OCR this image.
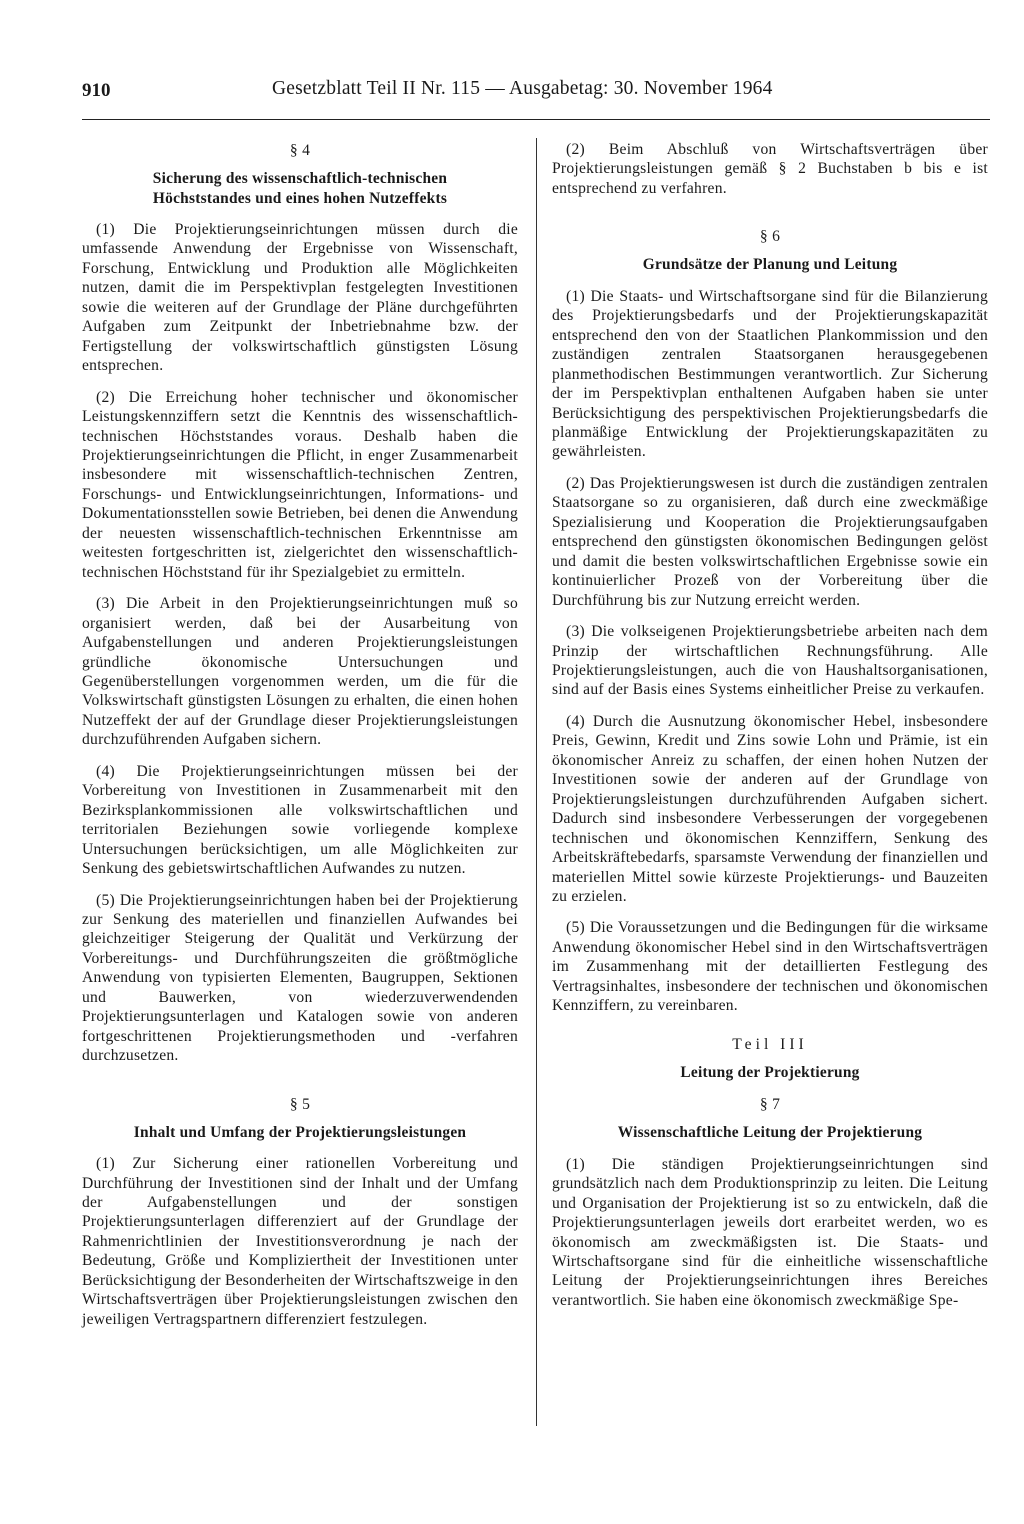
910	Gesetzblatt Teil II Nr. 115 — Ausgabetag: 30. November 1964
§ 4
Sicherung des wissenschaftlich-technischen
Höchststandes und eines hohen Nutzeffekts

(1) Die Projektierungseinrichtungen müssen durch die umfassende Anwendung der Ergebnisse von Wissenschaft, Forschung, Entwicklung und Produktion alle Möglichkeiten nutzen, damit die im Perspektivplan festgelegten Investitionen sowie die weiteren auf der Grundlage der Pläne durchgeführten Aufgaben zum Zeitpunkt der Inbetriebnahme bzw. der Fertigstellung der volkswirtschaftlich günstigsten Lösung entsprechen.

(2) Die Erreichung hoher technischer und ökonomischer Leistungskennziffern setzt die Kenntnis des wissenschaftlich-technischen Höchststandes voraus. Deshalb haben die Projektierungseinrichtungen die Pflicht, in enger Zusammenarbeit insbesondere mit wissenschaftlich-technischen Zentren, Forschungs- und Entwicklungseinrichtungen, Informations- und Dokumentationsstellen sowie Betrieben, bei denen die Anwendung der neuesten wissenschaftlich-technischen Erkenntnisse am weitesten fortgeschritten ist, zielgerichtet den wissenschaftlich-technischen Höchststand für ihr Spezialgebiet zu ermitteln.

(3) Die Arbeit in den Projektierungseinrichtungen muß so organisiert werden, daß bei der Ausarbeitung von Aufgabenstellungen und anderen Projektierungsleistungen gründliche ökonomische Untersuchungen und Gegenüberstellungen vorgenommen werden, um die für die Volkswirtschaft günstigsten Lösungen zu erhalten, die einen hohen Nutzeffekt der auf der Grundlage dieser Projektierungsleistungen durchzuführenden Aufgaben sichern.

(4) Die Projektierungseinrichtungen müssen bei der Vorbereitung von Investitionen in Zusammenarbeit mit den Bezirksplankommissionen alle volkswirtschaftlichen und territorialen Beziehungen sowie vorliegende komplexe Untersuchungen berücksichtigen, um alle Möglichkeiten zur Senkung des gebietswirtschaftlichen Aufwandes zu nutzen.

(5) Die Projektierungseinrichtungen haben bei der Projektierung zur Senkung des materiellen und finanziellen Aufwandes bei gleichzeitiger Steigerung der Qualität und Verkürzung der Vorbereitungs- und Durchführungszeiten die größtmögliche Anwendung von typisierten Elementen, Baugruppen, Sektionen und Bauwerken, von wiederzuverwendenden Projektierungsunterlagen und Katalogen sowie von anderen fortgeschrittenen Projektierungsmethoden und -verfahren durchzusetzen.

§ 5
Inhalt und Umfang der Projektierungsleistungen

(1) Zur Sicherung einer rationellen Vorbereitung und Durchführung der Investitionen sind der Inhalt und der Umfang der Aufgabenstellungen und der sonstigen Projektierungsunterlagen differenziert auf der Grundlage der Rahmenrichtlinien der Investitionsverordnung je nach der Bedeutung, Größe und Kompliziertheit der Investitionen unter Berücksichtigung der Besonderheiten der Wirtschaftszweige in den Wirtschaftsverträgen über Projektierungsleistungen zwischen den jeweiligen Vertragspartnern differenziert festzulegen.

(2) Beim Abschluß von Wirtschaftsverträgen über Projektierungsleistungen gemäß § 2 Buchstaben b bis e ist entsprechend zu verfahren.

§ 6
Grundsätze der Planung und Leitung

(1) Die Staats- und Wirtschaftsorgane sind für die Bilanzierung des Projektierungsbedarfs und der Projektierungskapazität entsprechend den von der Staatlichen Plankommission und den zuständigen zentralen Staatsorganen herausgegebenen planmethodischen Bestimmungen verantwortlich. Zur Sicherung der im Perspektivplan enthaltenen Aufgaben haben sie unter Berücksichtigung des perspektivischen Projektierungsbedarfs die planmäßige Entwicklung der Projektierungskapazitäten zu gewährleisten.

(2) Das Projektierungswesen ist durch die zuständigen zentralen Staatsorgane so zu organisieren, daß durch eine zweckmäßige Spezialisierung und Kooperation die Projektierungsaufgaben entsprechend den günstigsten ökonomischen Bedingungen gelöst und damit die besten volkswirtschaftlichen Ergebnisse sowie ein kontinuierlicher Prozeß von der Vorbereitung über die Durchführung bis zur Nutzung erreicht werden.

(3) Die volkseigenen Projektierungsbetriebe arbeiten nach dem Prinzip der wirtschaftlichen Rechnungsführung. Alle Projektierungsleistungen, auch die von Haushaltsorganisationen, sind auf der Basis eines Systems einheitlicher Preise zu verkaufen.

(4) Durch die Ausnutzung ökonomischer Hebel, insbesondere Preis, Gewinn, Kredit und Zins sowie Lohn und Prämie, ist ein ökonomischer Anreiz zu schaffen, der einen hohen Nutzen der Investitionen sowie der anderen auf der Grundlage von Projektierungsleistungen durchzuführenden Aufgaben sichert. Dadurch sind insbesondere Verbesserungen der vorgegebenen technischen und ökonomischen Kennziffern, Senkung des Arbeitskräftebedarfs, sparsamste Verwendung der finanziellen und materiellen Mittel sowie kürzeste Projektierungs- und Bauzeiten zu erzielen.

(5) Die Voraussetzungen und die Bedingungen für die wirksame Anwendung ökonomischer Hebel sind in den Wirtschaftsverträgen im Zusammenhang mit der detaillierten Festlegung des Vertragsinhaltes, insbesondere der technischen und ökonomischen Kennziffern, zu vereinbaren.

Teil III
Leitung der Projektierung
§ 7
Wissenschaftliche Leitung der Projektierung

(1) Die ständigen Projektierungseinrichtungen sind grundsätzlich nach dem Produktionsprinzip zu leiten. Die Leitung und Organisation der Projektierung ist so zu entwickeln, daß die Projektierungsunterlagen jeweils dort erarbeitet werden, wo es ökonomisch am zweckmäßigsten ist. Die Staats- und Wirtschaftsorgane sind für die einheitliche wissenschaftliche Leitung der Projektierungseinrichtungen ihres Bereiches verantwortlich. Sie haben eine ökonomisch zweckmäßige Spe-
